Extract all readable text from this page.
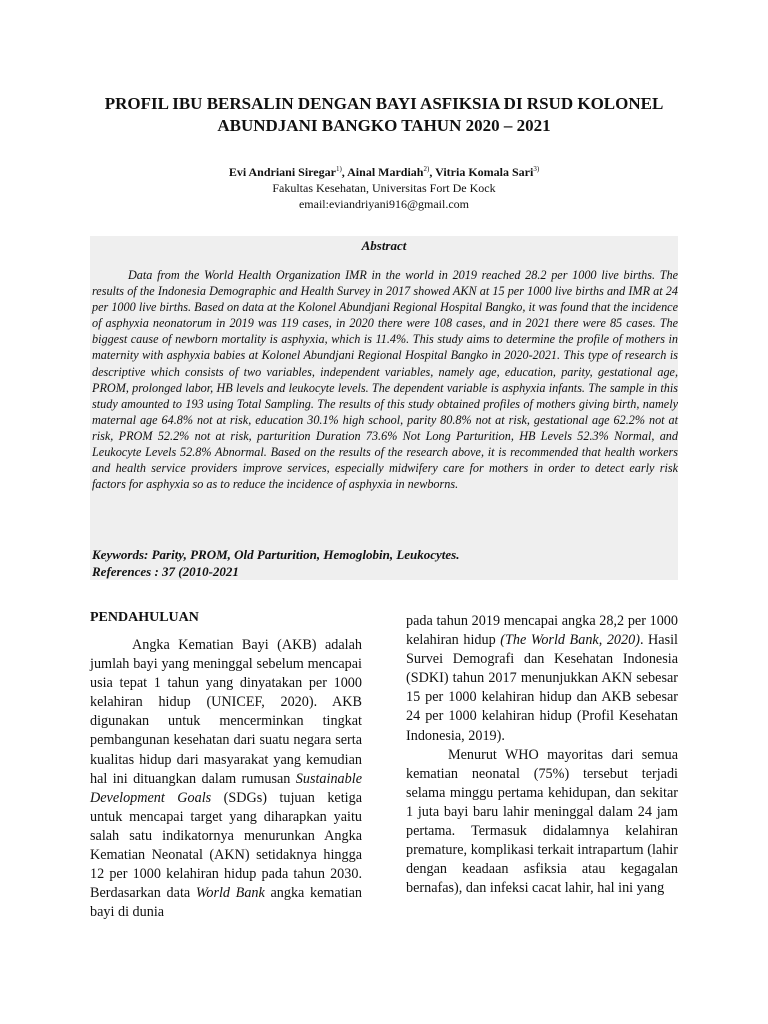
PROFIL IBU BERSALIN DENGAN BAYI ASFIKSIA DI RSUD KOLONEL
ABUNDJANI BANGKO TAHUN 2020 – 2021
Evi Andriani Siregar$^{1)}$, Ainal Mardiah$^{2)}$, Vitria Komala Sari$^{3)}$
Fakultas Kesehatan, Universitas Fort De Kock
email:eviandriyani916@gmail.com
Abstract
Data from the World Health Organization IMR in the world in 2019 reached 28.2 per 1000 live births. The results of the Indonesia Demographic and Health Survey in 2017 showed AKN at 15 per 1000 live births and IMR at 24 per 1000 live births. Based on data at the Kolonel Abundjani Regional Hospital Bangko, it was found that the incidence of asphyxia neonatorum in 2019 was 119 cases, in 2020 there were 108 cases, and in 2021 there were 85 cases. The biggest cause of newborn mortality is asphyxia, which is 11.4%. This study aims to determine the profile of mothers in maternity with asphyxia babies at Kolonel Abundjani Regional Hospital Bangko in 2020-2021. This type of research is descriptive which consists of two variables, independent variables, namely age, education, parity, gestational age, PROM, prolonged labor, HB levels and leukocyte levels. The dependent variable is asphyxia infants. The sample in this study amounted to 193 using Total Sampling. The results of this study obtained profiles of mothers giving birth, namely maternal age 64.8% not at risk, education 30.1% high school, parity 80.8% not at risk, gestational age 62.2% not at risk, PROM 52.2% not at risk, parturition Duration 73.6% Not Long Parturition, HB Levels 52.3% Normal, and Leukocyte Levels 52.8% Abnormal. Based on the results of the research above, it is recommended that health workers and health service providers improve services, especially midwifery care for mothers in order to detect early risk factors for asphyxia so as to reduce the incidence of asphyxia in newborns.
Keywords: Parity, PROM, Old Parturition, Hemoglobin, Leukocytes.
References : 37 (2010-2021
PENDAHULUAN
Angka Kematian Bayi (AKB) adalah jumlah bayi yang meninggal sebelum mencapai usia tepat 1 tahun yang dinyatakan per 1000 kelahiran hidup (UNICEF, 2020). AKB digunakan untuk mencerminkan tingkat pembangunan kesehatan dari suatu negara serta kualitas hidup dari masyarakat yang kemudian hal ini dituangkan dalam rumusan Sustainable Development Goals (SDGs) tujuan ketiga untuk mencapai target yang diharapkan yaitu salah satu indikatornya menurunkan Angka Kematian Neonatal (AKN) setidaknya hingga 12 per 1000 kelahiran hidup pada tahun 2030. Berdasarkan data World Bank angka kematian bayi di dunia
pada tahun 2019 mencapai angka 28,2 per 1000 kelahiran hidup (The World Bank, 2020). Hasil Survei Demografi dan Kesehatan Indonesia (SDKI) tahun 2017 menunjukkan AKN sebesar 15 per 1000 kelahiran hidup dan AKB sebesar 24 per 1000 kelahiran hidup (Profil Kesehatan Indonesia, 2019).
Menurut WHO mayoritas dari semua kematian neonatal (75%) tersebut terjadi selama minggu pertama kehidupan, dan sekitar 1 juta bayi baru lahir meninggal dalam 24 jam pertama. Termasuk didalamnya kelahiran premature, komplikasi terkait intrapartum (lahir dengan keadaan asfiksia atau kegagalan bernafas), dan infeksi cacat lahir, hal ini yang
